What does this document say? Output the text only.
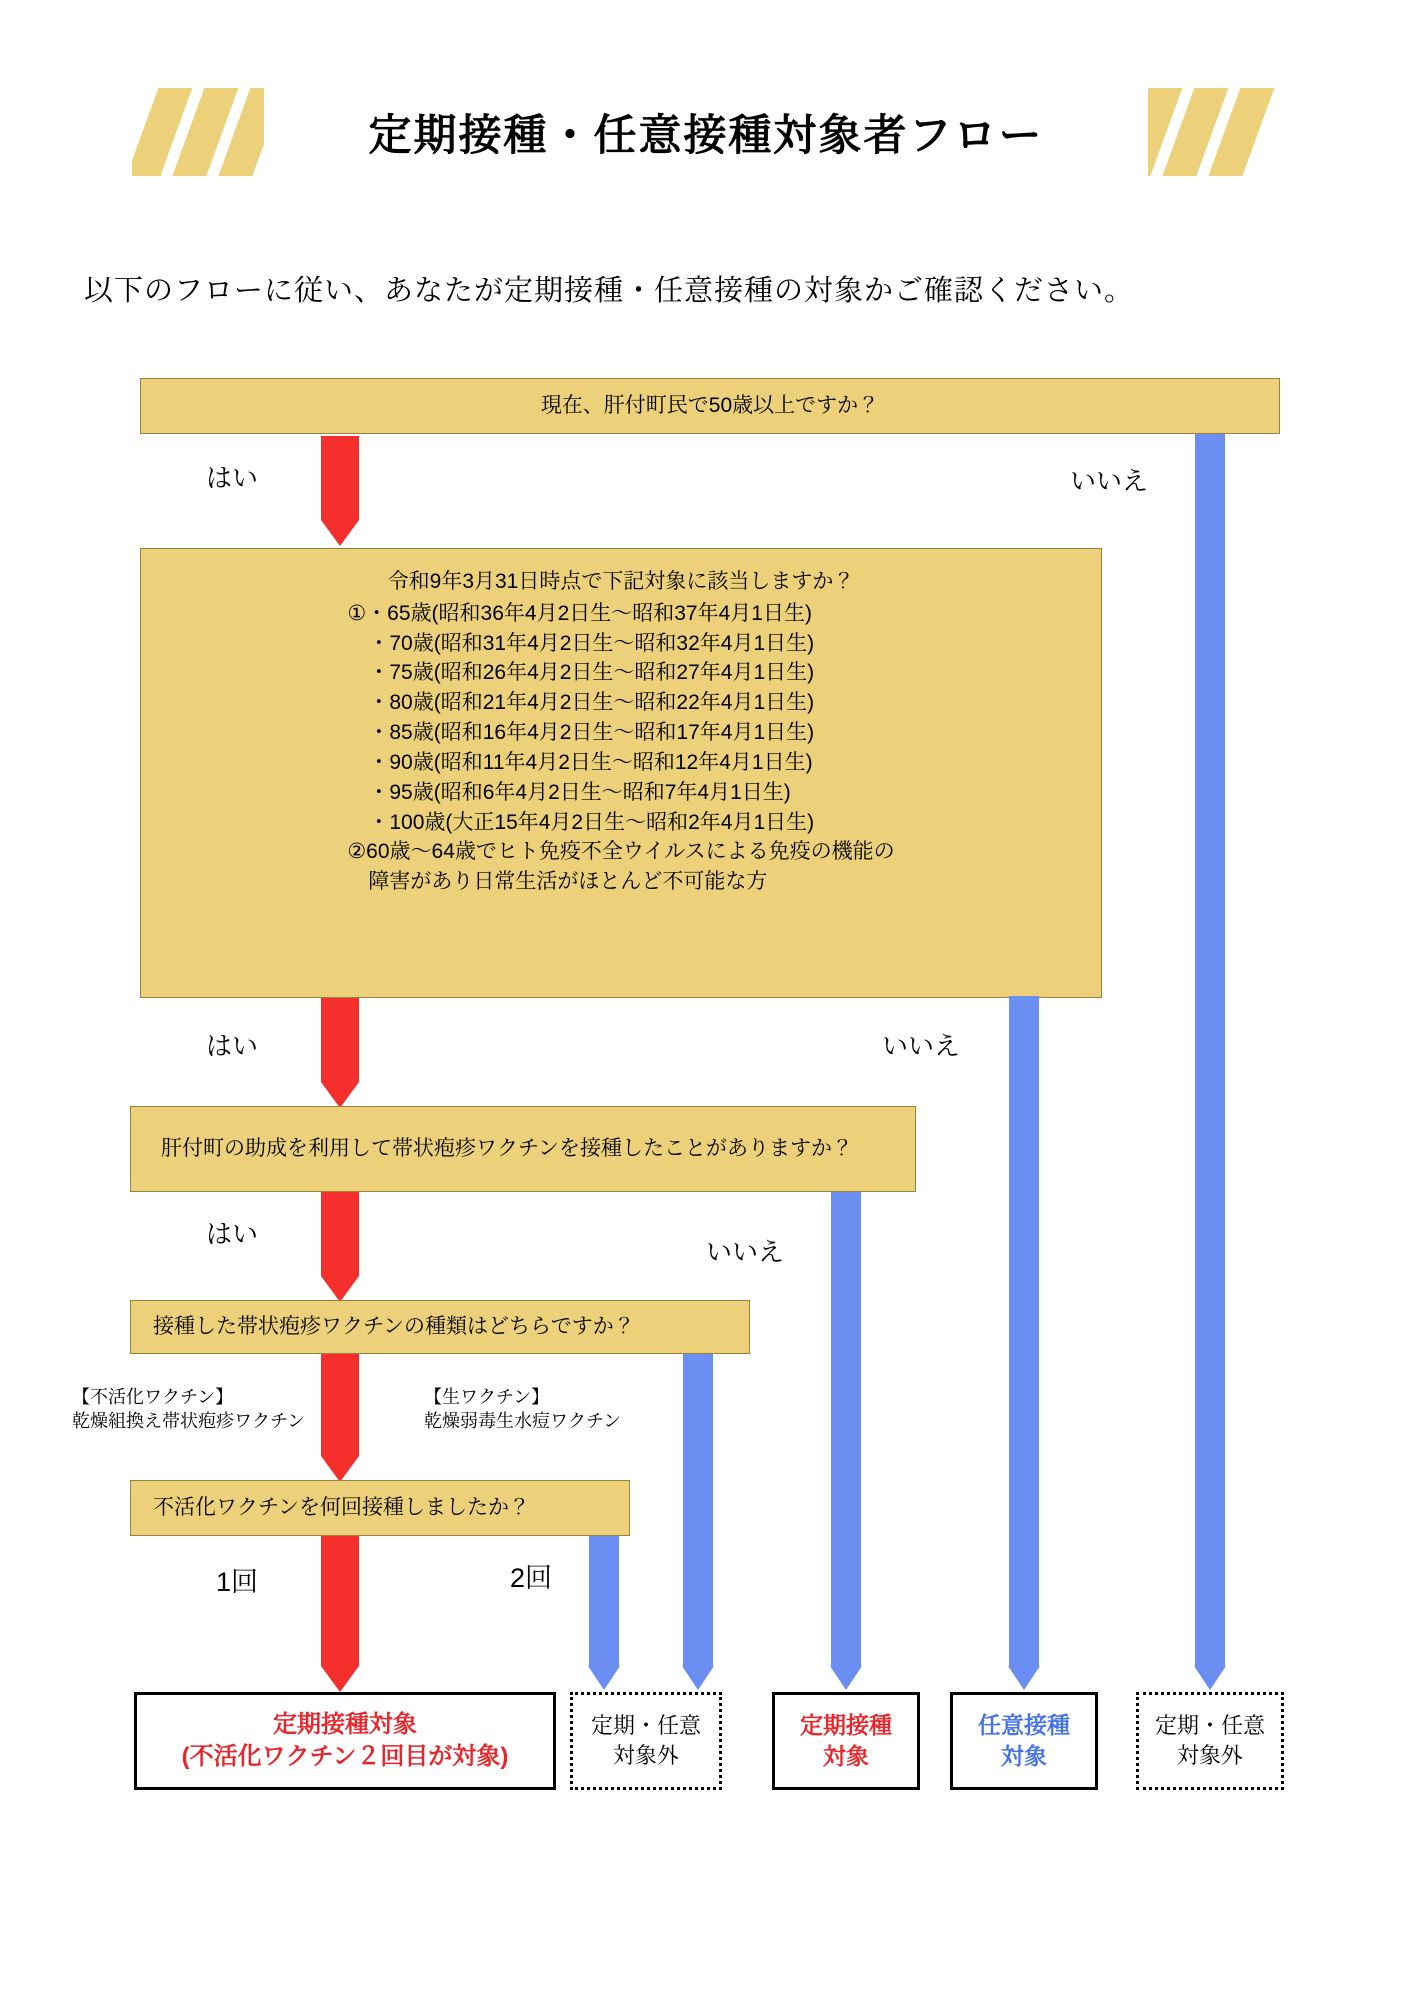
定期接種・任意接種対象者フロー
以下のフローに従い、あなたが定期接種・任意接種の対象かご確認ください。
現在、肝付町民で50歳以上ですか？
はい	いいえ
令和9年3月31日時点で下記対象に該当しますか？
①・65歳(昭和36年4月2日生～昭和37年4月1日生)
　・70歳(昭和31年4月2日生～昭和32年4月1日生)
　・75歳(昭和26年4月2日生～昭和27年4月1日生)
　・80歳(昭和21年4月2日生～昭和22年4月1日生)
　・85歳(昭和16年4月2日生～昭和17年4月1日生)
　・90歳(昭和11年4月2日生～昭和12年4月1日生)
　・95歳(昭和6年4月2日生～昭和7年4月1日生)
　・100歳(大正15年4月2日生～昭和2年4月1日生)
②60歳～64歳でヒト免疫不全ウイルスによる免疫の機能の
　障害があり日常生活がほとんど不可能な方
はい	いいえ
肝付町の助成を利用して帯状疱疹ワクチンを接種したことがありますか？
はい
いいえ
接種した帯状疱疹ワクチンの種類はどちらですか？
【不活化ワクチン】
乾燥組換え帯状疱疹ワクチン
【生ワクチン】
乾燥弱毒生水痘ワクチン
不活化ワクチンを何回接種しましたか？
1回	2回
定期接種対象
(不活化ワクチン２回目が対象)
定期・任意
対象外
定期接種
対象
任意接種
対象
定期・任意
対象外
